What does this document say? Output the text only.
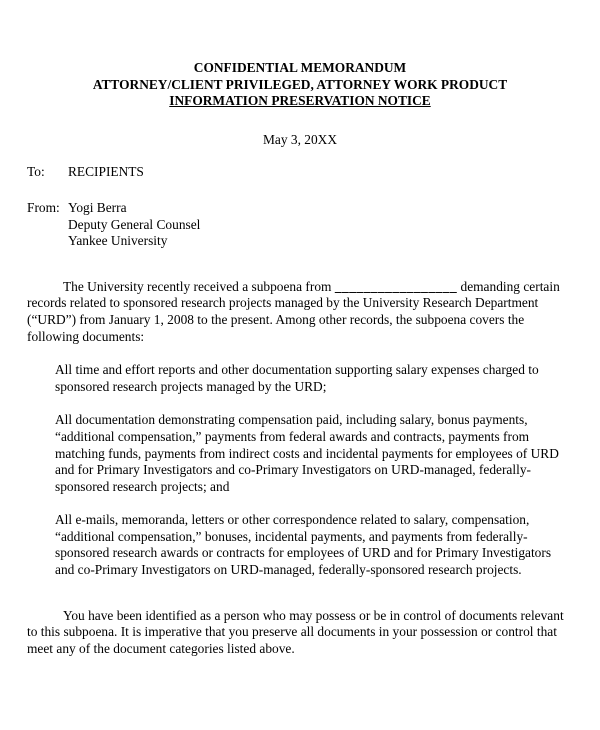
CONFIDENTIAL MEMORANDUM
ATTORNEY/CLIENT PRIVILEGED, ATTORNEY WORK PRODUCT
INFORMATION PRESERVATION NOTICE
May 3, 20XX
To:	RECIPIENTS
From: Yogi Berra
Deputy General Counsel
Yankee University

The University recently received a subpoena from _________________ demanding certain records related to sponsored research projects managed by the University Research Department (“URD”) from January 1, 2008 to the present. Among other records, the subpoena covers the following documents:

All time and effort reports and other documentation supporting salary expenses charged to sponsored research projects managed by the URD;

All documentation demonstrating compensation paid, including salary, bonus payments, “additional compensation,” payments from federal awards and contracts, payments from matching funds, payments from indirect costs and incidental payments for employees of URD and for Primary Investigators and co-Primary Investigators on URD-managed, federally-sponsored research projects; and

All e-mails, memoranda, letters or other correspondence related to salary, compensation, “additional compensation,” bonuses, incidental payments, and payments from federally-sponsored research awards or contracts for employees of URD and for Primary Investigators and co-Primary Investigators on URD-managed, federally-sponsored research projects.

You have been identified as a person who may possess or be in control of documents relevant to this subpoena. It is imperative that you preserve all documents in your possession or control that meet any of the document categories listed above.
